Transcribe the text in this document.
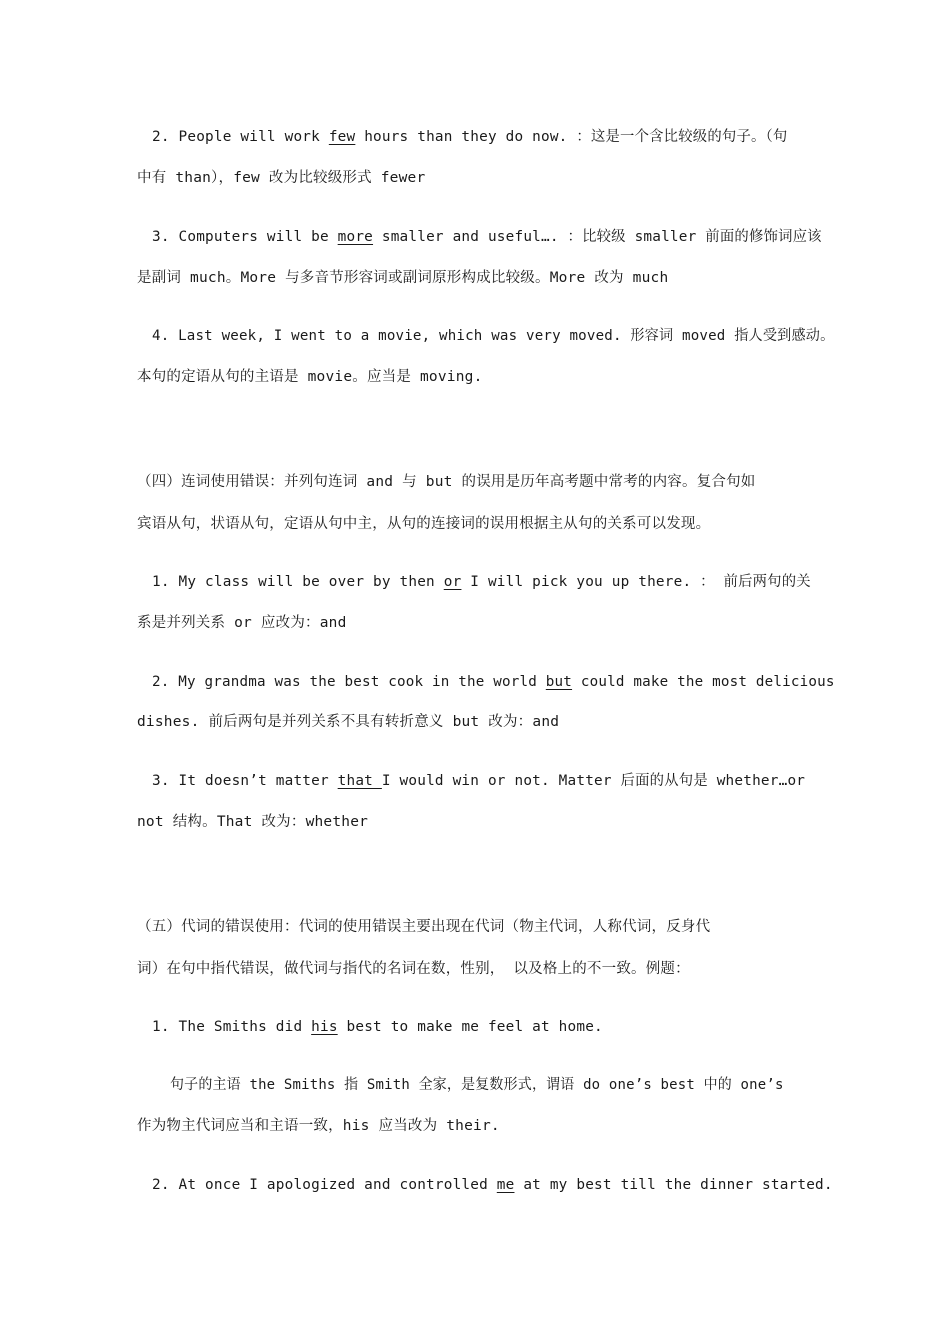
2. People will work few hours than they do now. ：这是一个含比较级的句子。（句
中有 than），few 改为比较级形式 fewer
3. Computers will be more smaller and useful…. ：比较级 smaller 前面的修饰词应该
是副词 much。More 与多音节形容词或副词原形构成比较级。More 改为 much
4. Last week, I went to a movie, which was very moved. 形容词 moved 指人受到感动。
本句的定语从句的主语是 movie。应当是 moving.
（四）连词使用错误：并列句连词 and 与 but 的误用是历年高考题中常考的内容。复合句如
宾语从句，状语从句，定语从句中主，从句的连接词的误用根据主从句的关系可以发现。
1. My class will be over by then or I will pick you up there. ： 前后两句的关
系是并列关系 or 应改为：and
2. My grandma was the best cook in the world but could make the most delicious
dishes. 前后两句是并列关系不具有转折意义 but 改为：and
3. It doesn’t matter that I would win or not. Matter 后面的从句是 whether…or
not 结构。That 改为：whether
（五）代词的错误使用：代词的使用错误主要出现在代词（物主代词，人称代词，反身代
词）在句中指代错误，做代词与指代的名词在数，性别， 以及格上的不一致。例题：
1. The Smiths did his best to make me feel at home.
句子的主语 the Smiths 指 Smith 全家，是复数形式，谓语 do one’s best 中的 one’s
作为物主代词应当和主语一致，his 应当改为 their.
2. At once I apologized and controlled me at my best till the dinner started.
